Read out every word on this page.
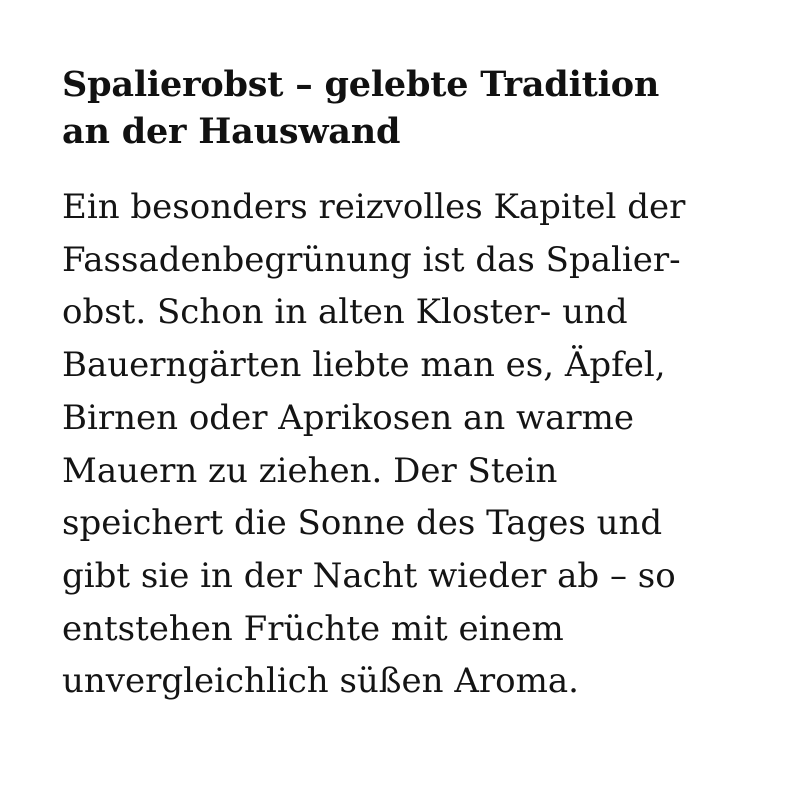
Spalierobst – gelebte Tradition an der Hauswand

Ein besonders reizvolles Kapitel der Fassadenbegrünung ist das Spalierobst. Schon in alten Kloster- und Bauerngärten liebte man es, Äpfel, Birnen oder Aprikosen an warme Mauern zu ziehen. Der Stein speichert die Sonne des Tages und gibt sie in der Nacht wieder ab – so entstehen Früchte mit einem unvergleichlich süßen Aroma.
